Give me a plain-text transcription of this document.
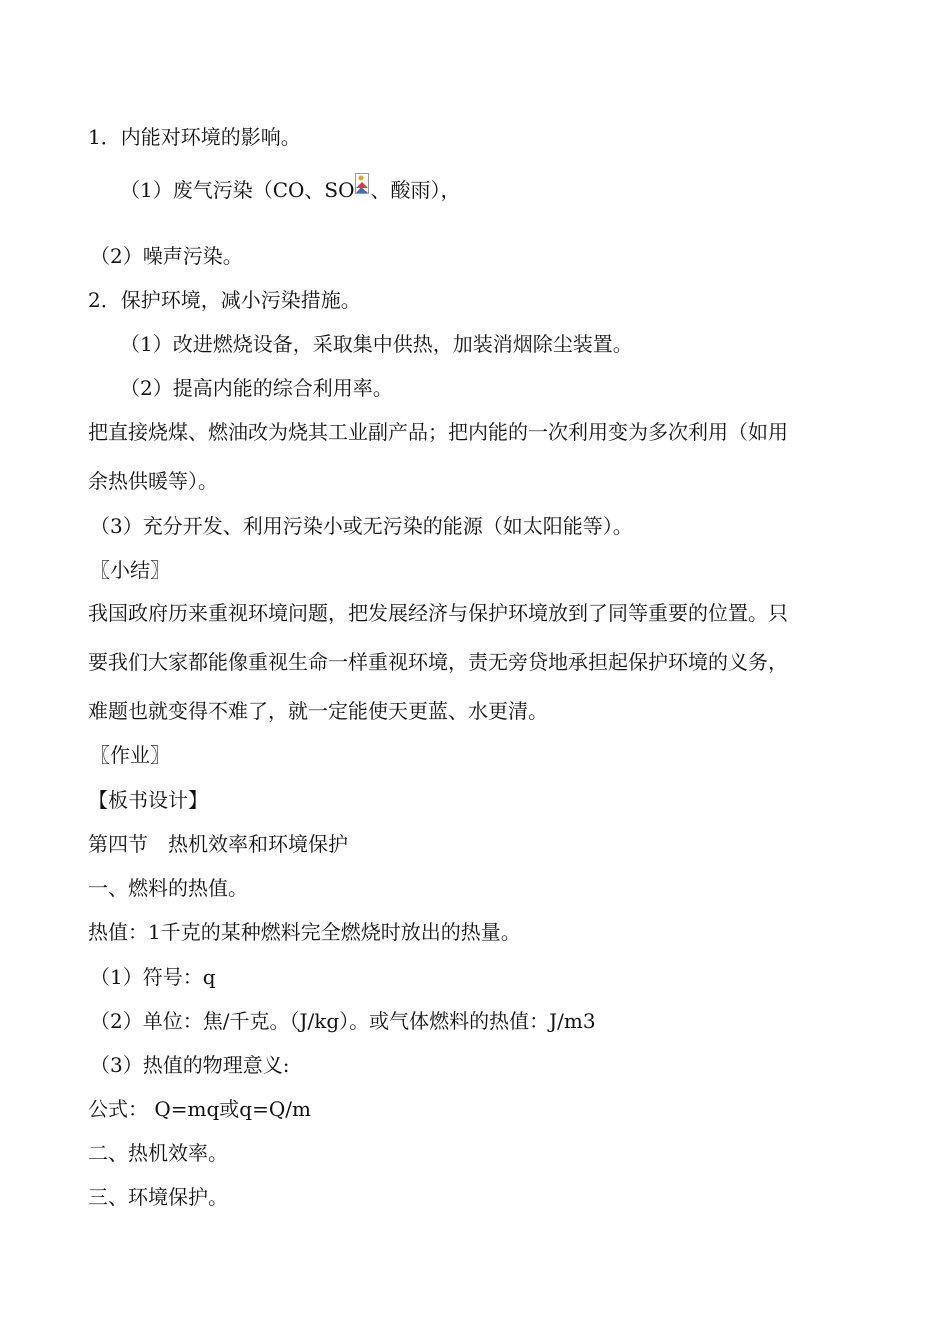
1．内能对环境的影响。
（1）废气污染（CO、SO 、酸雨），
（2）噪声污染。
2．保护环境，减小污染措施。
（1）改进燃烧设备，采取集中供热，加装消烟除尘装置。
（2）提高内能的综合利用率。
把直接烧煤、燃油改为烧其工业副产品；把内能的一次利用变为多次利用（如用
余热供暖等）。
（3）充分开发、利用污染小或无污染的能源（如太阳能等）。
〖小结〗
我国政府历来重视环境问题，把发展经济与保护环境放到了同等重要的位置。只
要我们大家都能像重视生命一样重视环境，责无旁贷地承担起保护环境的义务，
难题也就变得不难了，就一定能使天更蓝、水更清。
〖作业〗
【板书设计】
第四节　热机效率和环境保护
一、燃料的热值。
热值：1千克的某种燃料完全燃烧时放出的热量。
（1）符号：q
（2）单位：焦/千克。（J/kg）。或气体燃料的热值：J/m3
（3）热值的物理意义:
公式： Q=mq或q=Q/m
二、热机效率。
三、环境保护。
